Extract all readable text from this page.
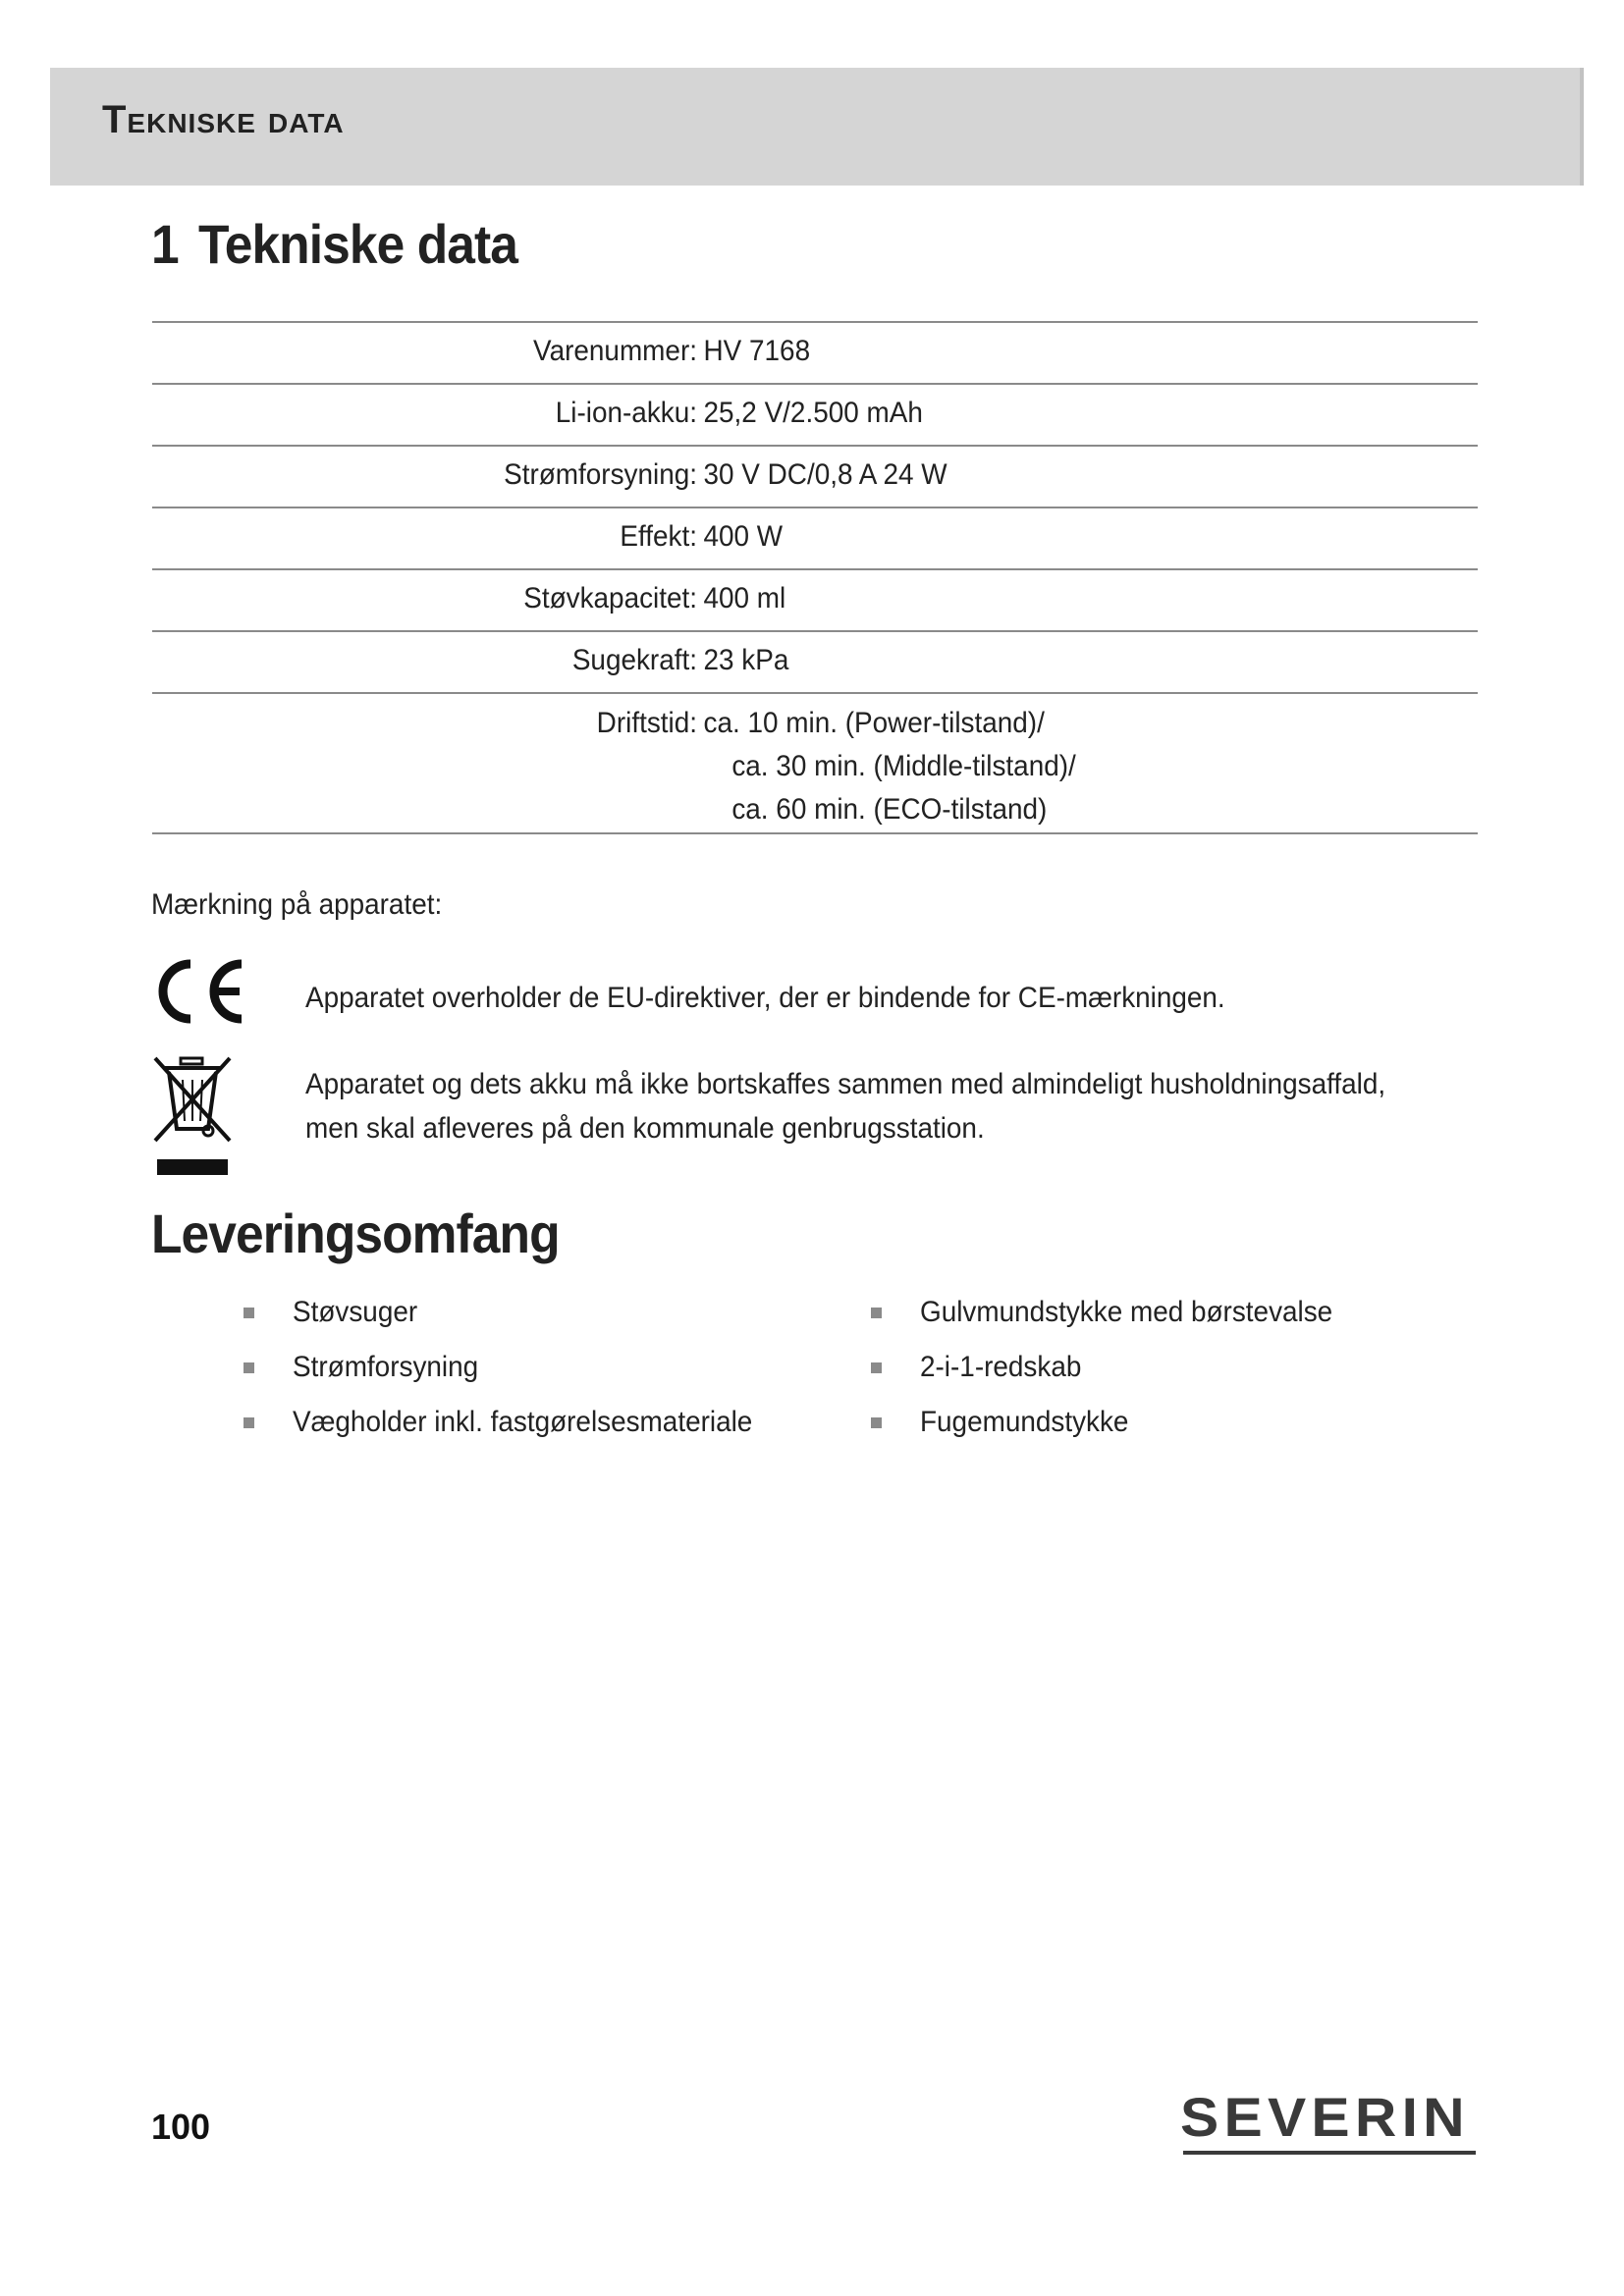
Tekniske data
1 Tekniske data
Varenummer: HV 7168
Li-ion-akku: 25,2 V/2.500 mAh
Strømforsyning: 30 V DC/0,8 A 24 W
Effekt: 400 W
Støvkapacitet: 400 ml
Sugekraft: 23 kPa
Driftstid: ca. 10 min. (Power-tilstand)/
ca. 30 min. (Middle-tilstand)/
ca. 60 min. (ECO-tilstand)
Mærkning på apparatet:
Apparatet overholder de EU-direktiver, der er bindende for CE-mærkningen.
Apparatet og dets akku må ikke bortskaffes sammen med almindeligt husholdningsaffald, men skal afleveres på den kommunale genbrugsstation.
Leveringsomfang
Støvsuger
Strømforsyning
Vægholder inkl. fastgørelsesmateriale
Gulvmundstykke med børstevalse
2-i-1-redskab
Fugemundstykke
100	SEVERIN
